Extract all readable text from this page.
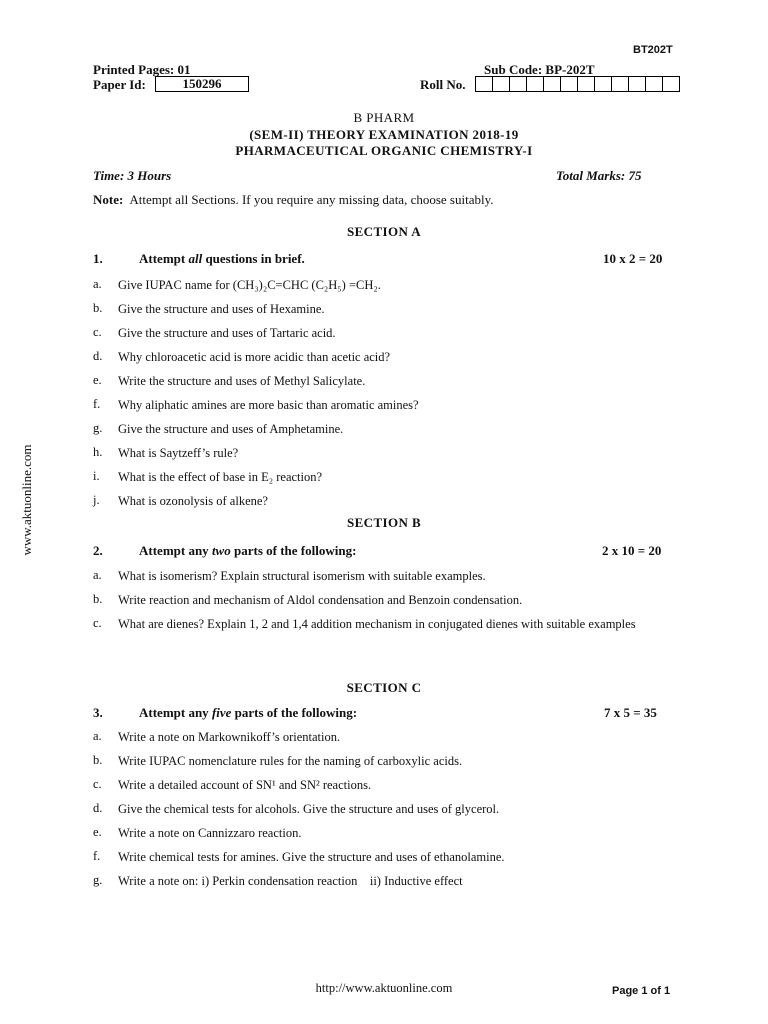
BT202T
Printed Pages: 01	Sub Code: BP-202T
Paper Id:	150296	Roll No.
B PHARM
(SEM-II) THEORY EXAMINATION 2018-19
PHARMACEUTICAL ORGANIC CHEMISTRY-I
Time: 3 Hours	Total Marks: 75
Note: Attempt all Sections. If you require any missing data, choose suitably.
SECTION A
1.	Attempt all questions in brief.	10 x 2 = 20
a. Give IUPAC name for (CH₃)₂C=CHC (C₂H₅) =CH₂.
b. Give the structure and uses of Hexamine.
c. Give the structure and uses of Tartaric acid.
d. Why chloroacetic acid is more acidic than acetic acid?
e. Write the structure and uses of Methyl Salicylate.
f. Why aliphatic amines are more basic than aromatic amines?
g. Give the structure and uses of Amphetamine.
h. What is Saytzeff’s rule?
i. What is the effect of base in E₂ reaction?
j. What is ozonolysis of alkene?
SECTION B
2.	Attempt any two parts of the following:	2 x 10 = 20
a. What is isomerism? Explain structural isomerism with suitable examples.
b. Write reaction and mechanism of Aldol condensation and Benzoin condensation.
c. What are dienes? Explain 1, 2 and 1,4 addition mechanism in conjugated dienes with suitable examples
SECTION C
3.	Attempt any five parts of the following:	7 x 5 = 35
a. Write a note on Markownikoff’s orientation.
b. Write IUPAC nomenclature rules for the naming of carboxylic acids.
c. Write a detailed account of SN¹ and SN² reactions.
d. Give the chemical tests for alcohols. Give the structure and uses of glycerol.
e. Write a note on Cannizzaro reaction.
f. Write chemical tests for amines. Give the structure and uses of ethanolamine.
g. Write a note on: i) Perkin condensation reaction    ii) Inductive effect
www.aktuonline.com
http://www.aktuonline.com	Page 1 of 1
